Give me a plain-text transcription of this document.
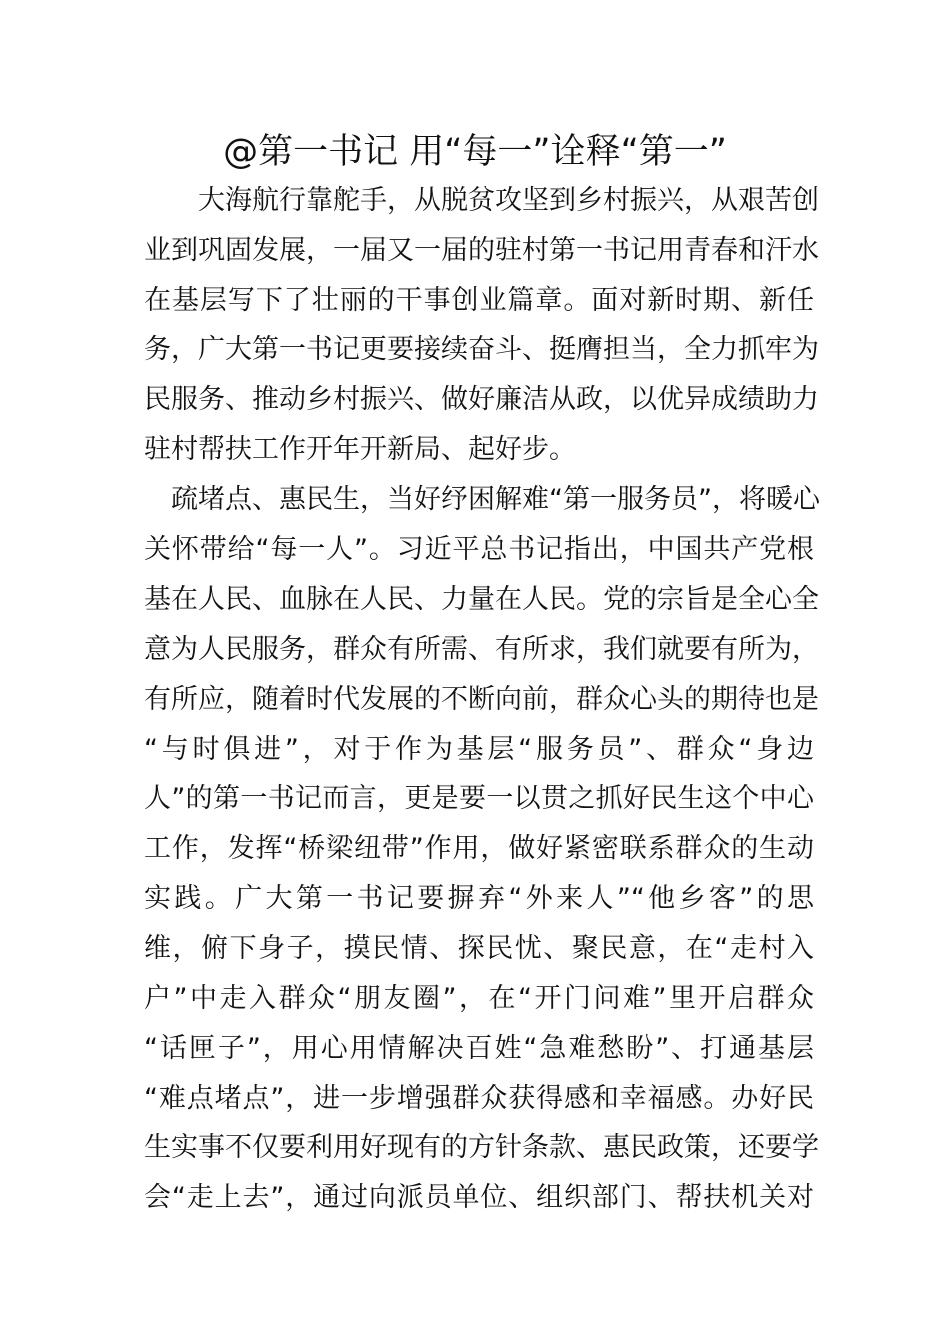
@第一书记 用“每一”诠释“第一”

　　大海航行靠舵手，从脱贫攻坚到乡村振兴，从艰苦创

业到巩固发展，一届又一届的驻村第一书记用青春和汗水

在基层写下了壮丽的干事创业篇章。面对新时期、新任

务，广大第一书记更要接续奋斗、挺膺担当，全力抓牢为

民服务、推动乡村振兴、做好廉洁从政，以优异成绩助力

驻村帮扶工作开年开新局、起好步。

　疏堵点、惠民生，当好纾困解难“第一服务员”，将暖心

关怀带给“每一人”。习近平总书记指出，中国共产党根

基在人民、血脉在人民、力量在人民。党的宗旨是全心全

意为人民服务，群众有所需、有所求，我们就要有所为，

有所应，随着时代发展的不断向前，群众心头的期待也是

“与时俱进”，对于作为基层“服务员”、群众“身边

人”的第一书记而言，更是要一以贯之抓好民生这个中心

工作，发挥“桥梁纽带”作用，做好紧密联系群众的生动

实践。广大第一书记要摒弃“外来人”“他乡客”的思

维，俯下身子，摸民情、探民忧、聚民意，在“走村入

户”中走入群众“朋友圈”，在“开门问难”里开启群众

“话匣子”，用心用情解决百姓“急难愁盼”、打通基层

“难点堵点”，进一步增强群众获得感和幸福感。办好民

生实事不仅要利用好现有的方针条款、惠民政策，还要学

会“走上去”，通过向派员单位、组织部门、帮扶机关对
